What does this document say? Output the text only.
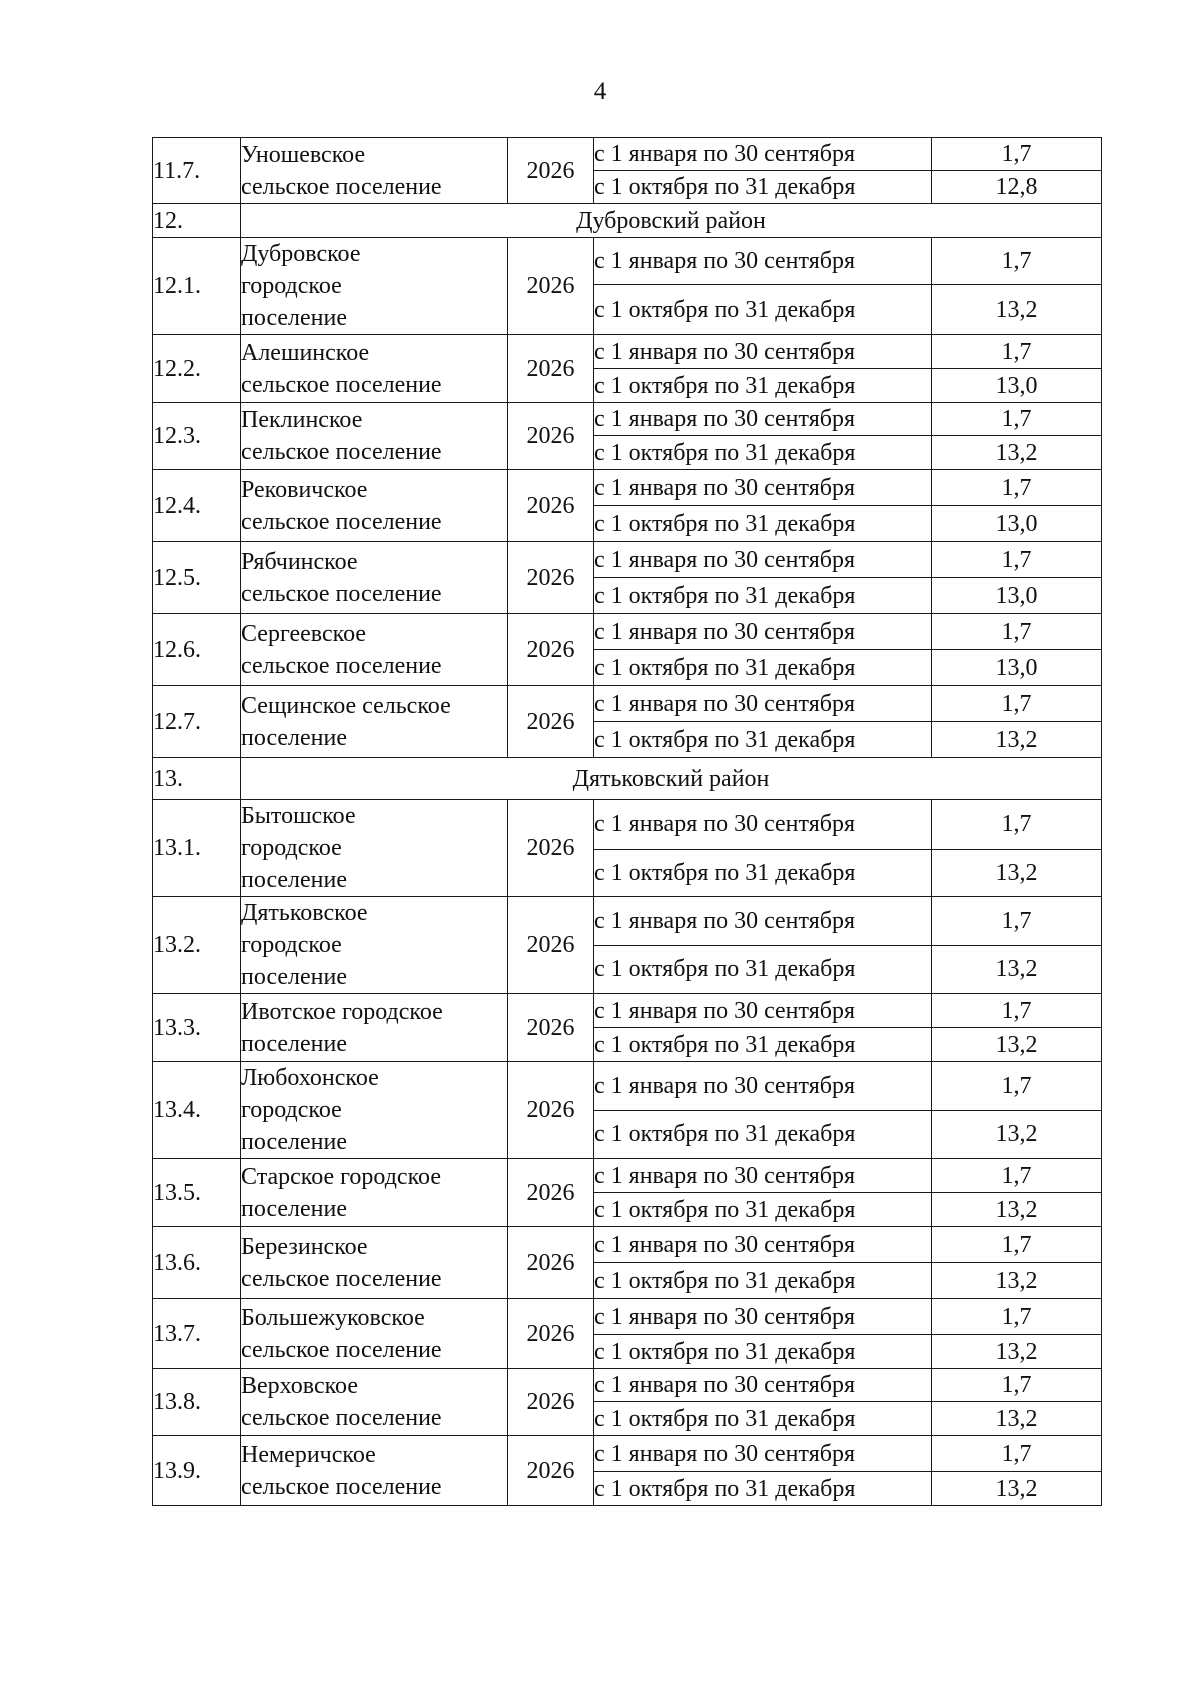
4
11.7.	Уношевское
сельское поселение	2026	с 1 января по 30 сентября	1,7
			с 1 октября по 31 декабря	12,8
12.	Дубровский район			
12.1.	Дубровское
городское
поселение	2026	с 1 января по 30 сентября	1,7
			с 1 октября по 31 декабря	13,2
12.2.	Алешинское
сельское поселение	2026	с 1 января по 30 сентября	1,7
			с 1 октября по 31 декабря	13,0
12.3.	Пеклинское
сельское поселение	2026	с 1 января по 30 сентября	1,7
			с 1 октября по 31 декабря	13,2
12.4.	Рековичское
сельское поселение	2026	с 1 января по 30 сентября	1,7
			с 1 октября по 31 декабря	13,0
12.5.	Рябчинское
сельское поселение	2026	с 1 января по 30 сентября	1,7
			с 1 октября по 31 декабря	13,0
12.6.	Сергеевское
сельское поселение	2026	с 1 января по 30 сентября	1,7
			с 1 октября по 31 декабря	13,0
12.7.	Сещинское сельское
поселение	2026	с 1 января по 30 сентября	1,7
			с 1 октября по 31 декабря	13,2
13.	Дятьковский район			
13.1.	Бытошское
городское
поселение	2026	с 1 января по 30 сентября	1,7
			с 1 октября по 31 декабря	13,2
13.2.	Дятьковское
городское
поселение	2026	с 1 января по 30 сентября	1,7
			с 1 октября по 31 декабря	13,2
13.3.	Ивотское городское
поселение	2026	с 1 января по 30 сентября	1,7
			с 1 октября по 31 декабря	13,2
13.4.	Любохонское
городское
поселение	2026	с 1 января по 30 сентября	1,7
			с 1 октября по 31 декабря	13,2
13.5.	Старское городское
поселение	2026	с 1 января по 30 сентября	1,7
			с 1 октября по 31 декабря	13,2
13.6.	Березинское
сельское поселение	2026	с 1 января по 30 сентября	1,7
			с 1 октября по 31 декабря	13,2
13.7.	Большежуковское
сельское поселение	2026	с 1 января по 30 сентября	1,7
			с 1 октября по 31 декабря	13,2
13.8.	Верховское
сельское поселение	2026	с 1 января по 30 сентября	1,7
			с 1 октября по 31 декабря	13,2
13.9.	Немеричское
сельское поселение	2026	с 1 января по 30 сентября	1,7
			с 1 октября по 31 декабря	13,2
